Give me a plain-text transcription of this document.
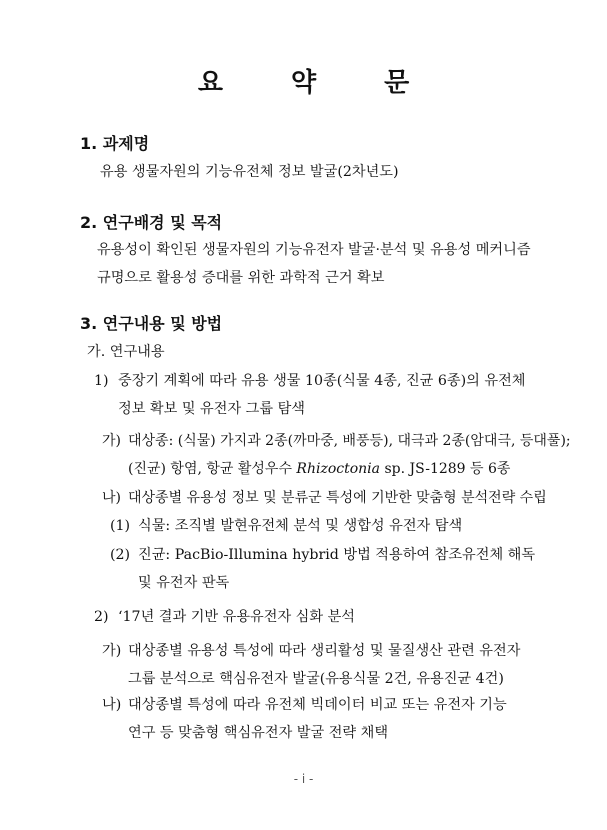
요	약	문
1. 과제명
유용 생물자원의 기능유전체 정보 발굴(2차년도)
2. 연구배경 및 목적
유용성이 확인된 생물자원의 기능유전자 발굴·분석 및 유용성 메커니즘
규명으로 활용성 증대를 위한 과학적 근거 확보
3. 연구내용 및 방법
가. 연구내용
1) 중장기 계획에 따라 유용 생물 10종(식물 4종, 진균 6종)의 유전체
정보 확보 및 유전자 그룹 탐색
가) 대상종: (식물) 가지과 2종(까마중, 배풍등), 대극과 2종(암대극, 등대풀);
(진균) 항염, 항균 활성우수 Rhizoctonia sp. JS-1289 등 6종
나) 대상종별 유용성 정보 및 분류군 특성에 기반한 맞춤형 분석전략 수립
(1) 식물: 조직별 발현유전체 분석 및 생합성 유전자 탐색
(2) 진균: PacBio-Illumina hybrid 방법 적용하여 참조유전체 해독
및 유전자 판독
2) ‘17년 결과 기반 유용유전자 심화 분석
가) 대상종별 유용성 특성에 따라 생리활성 및 물질생산 관련 유전자
그룹 분석으로 핵심유전자 발굴(유용식물 2건, 유용진균 4건)
나) 대상종별 특성에 따라 유전체 빅데이터 비교 또는 유전자 기능
연구 등 맞춤형 핵심유전자 발굴 전략 채택
- i -
